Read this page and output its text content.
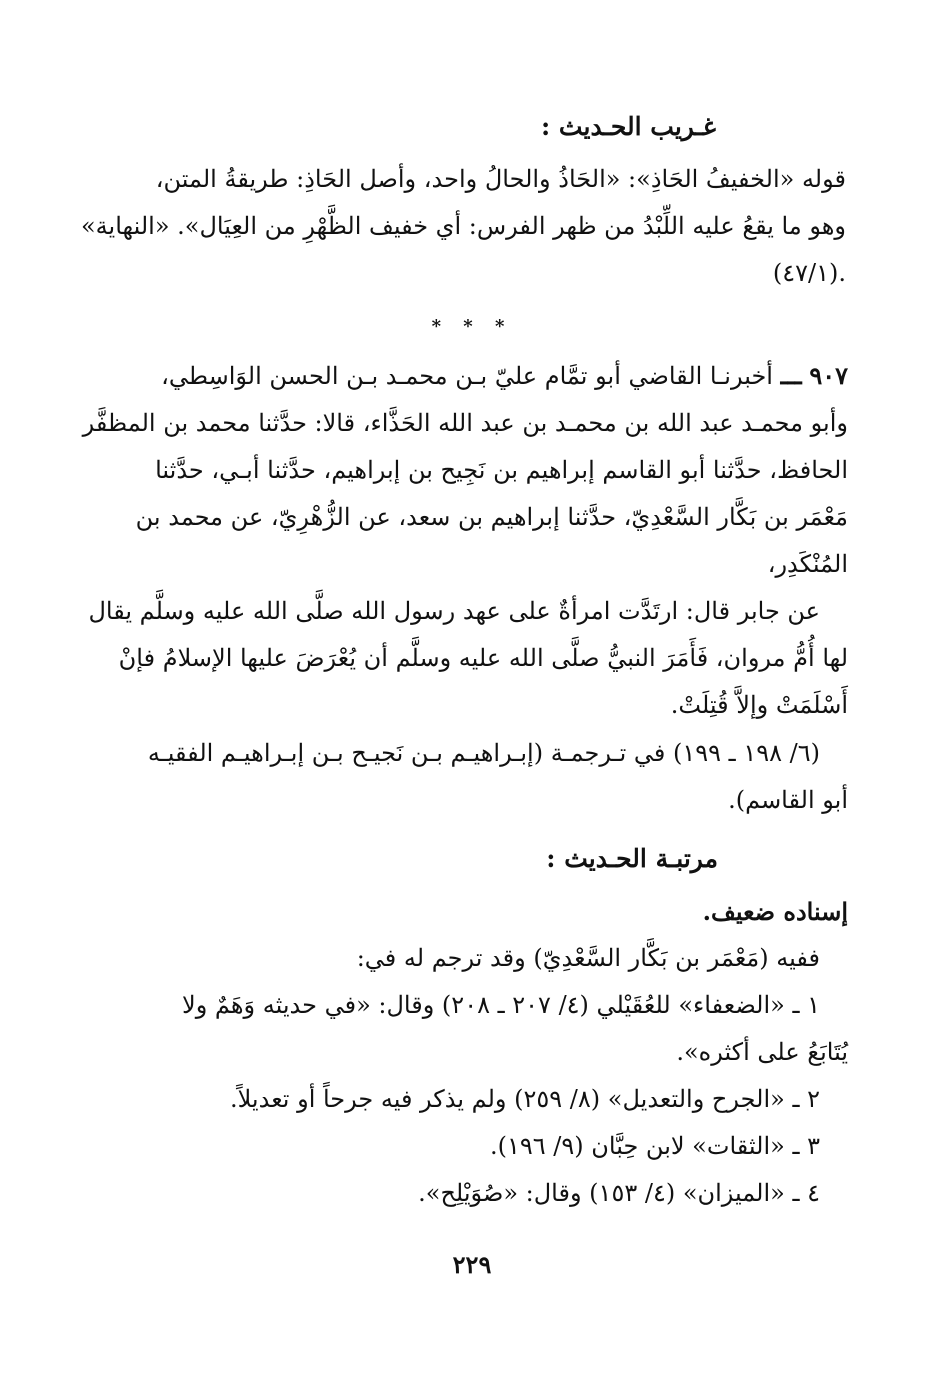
غـريب الحـديث :
قوله «الخفيفُ الحَاذِ»: «الحَاذُ والحالُ واحد، وأصل الحَاذِ: طريقةُ المتن،
وهو ما يقعُ عليه اللِّبْدُ من ظهر الفرس: أي خفيف الظَّهْرِ من العِيَال». «النهاية»
.(٤٧/١)
* * *
٩٠٧ ـــ أخبرنـا القاضي أبو تمَّام عليّ بـن محمـد بـن الحسن الوَاسِطي،
وأبو محمـد عبد الله بن محمـد بن عبد الله الحَذَّاء، قالا: حدَّثنا محمد بن المظفَّر
الحافظ، حدَّثنا أبو القاسم إبراهيم بن نَجِيح بن إبراهيم، حدَّثنا أبـي، حدَّثنا
مَعْمَر بن بَكَّار السَّعْدِيّ، حدَّثنا إبراهيم بن سعد، عن الزُّهْرِيّ، عن محمد بن
المُنْكَدِر،
عن جابر قال: ارتَدَّت امرأةٌ على عهد رسول الله صلَّى الله عليه وسلَّم يقال
لها أُمُّ مروان، فَأَمَرَ النبيُّ صلَّى الله عليه وسلَّم أن يُعْرَضَ عليها الإسلامُ فإنْ
أَسْلَمَتْ وإلاَّ قُتِلَتْ.
(٦/ ١٩٨ ـ ١٩٩) في تـرجمـة (إبـراهيـم بـن نَجيـح بـن إبـراهيـم الفقيـه
أبو القاسم).
مرتبـة الحـديث :
إسناده ضعيف.
ففيه (مَعْمَر بن بَكَّار السَّعْدِيّ) وقد ترجم له في:
١ ـ «الضعفاء» للعُقَيْلي (٤/ ٢٠٧ ـ ٢٠٨) وقال: «في حديثه وَهَمٌ ولا
يُتَابَعُ على أكثره».
٢ ـ «الجرح والتعديل» (٨/ ٢٥٩) ولم يذكر فيه جرحاً أو تعديلاً.
٣ ـ «الثقات» لابن حِبَّان (٩/ ١٩٦).
٤ ـ «الميزان» (٤/ ١٥٣) وقال: «صُوَيْلِح».
٢٢٩
